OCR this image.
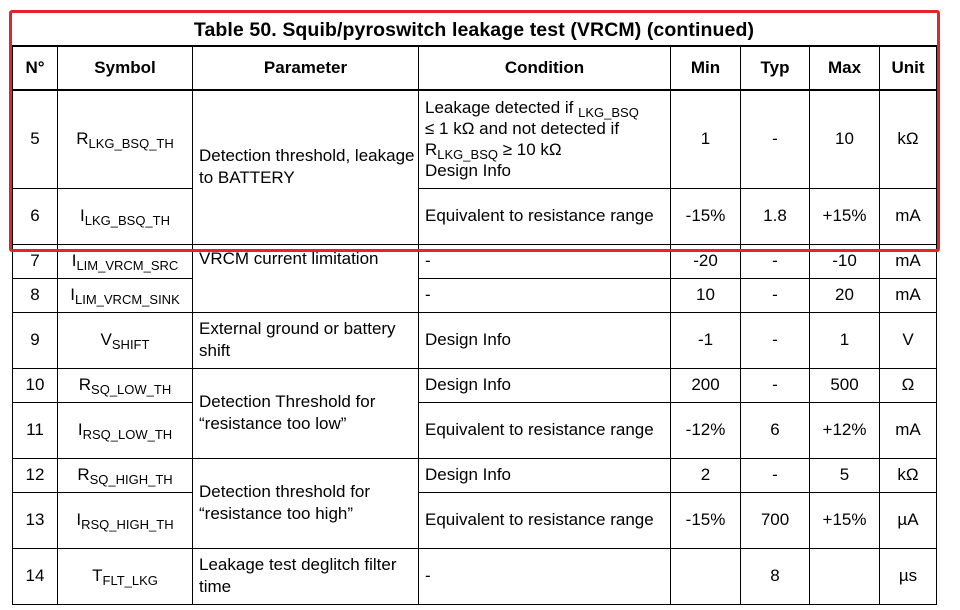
Table 50. Squib/pyroswitch leakage test (VRCM) (continued)
N°	Symbol	Parameter	Condition	Min	Typ	Max	Unit
5	$R_{LKG\_BSQ\_TH}$	Detection threshold, leakage to BATTERY	Leakage detected if $_{LKG\_BSQ}$
≤ 1 kΩ and not detected if
$R_{LKG\_BSQ} \ge 10$ kΩ
Design Info	1	-	10	kΩ
6	$I_{LKG\_BSQ\_TH}$		Equivalent to resistance range	-15%	1.8	+15%	mA
7	$I_{LIM\_VRCM\_SRC}$	VRCM current limitation	-	-20	-	-10	mA
8	$I_{LIM\_VRCM\_SINK}$		-	10	-	20	mA
9	$V_{SHIFT}$	External ground or battery shift	Design Info	-1	-	1	V
10	$R_{SQ\_LOW\_TH}$	Detection Threshold for “resistance too low”	Design Info	200	-	500	Ω
11	$I_{RSQ\_LOW\_TH}$		Equivalent to resistance range	-12%	6	+12%	mA
12	$R_{SQ\_HIGH\_TH}$	Detection threshold for “resistance too high”	Design Info	2	-	5	kΩ
13	$I_{RSQ\_HIGH\_TH}$		Equivalent to resistance range	-15%	700	+15%	µA
14	$T_{FLT\_LKG}$	Leakage test deglitch filter time	-		8		µs
